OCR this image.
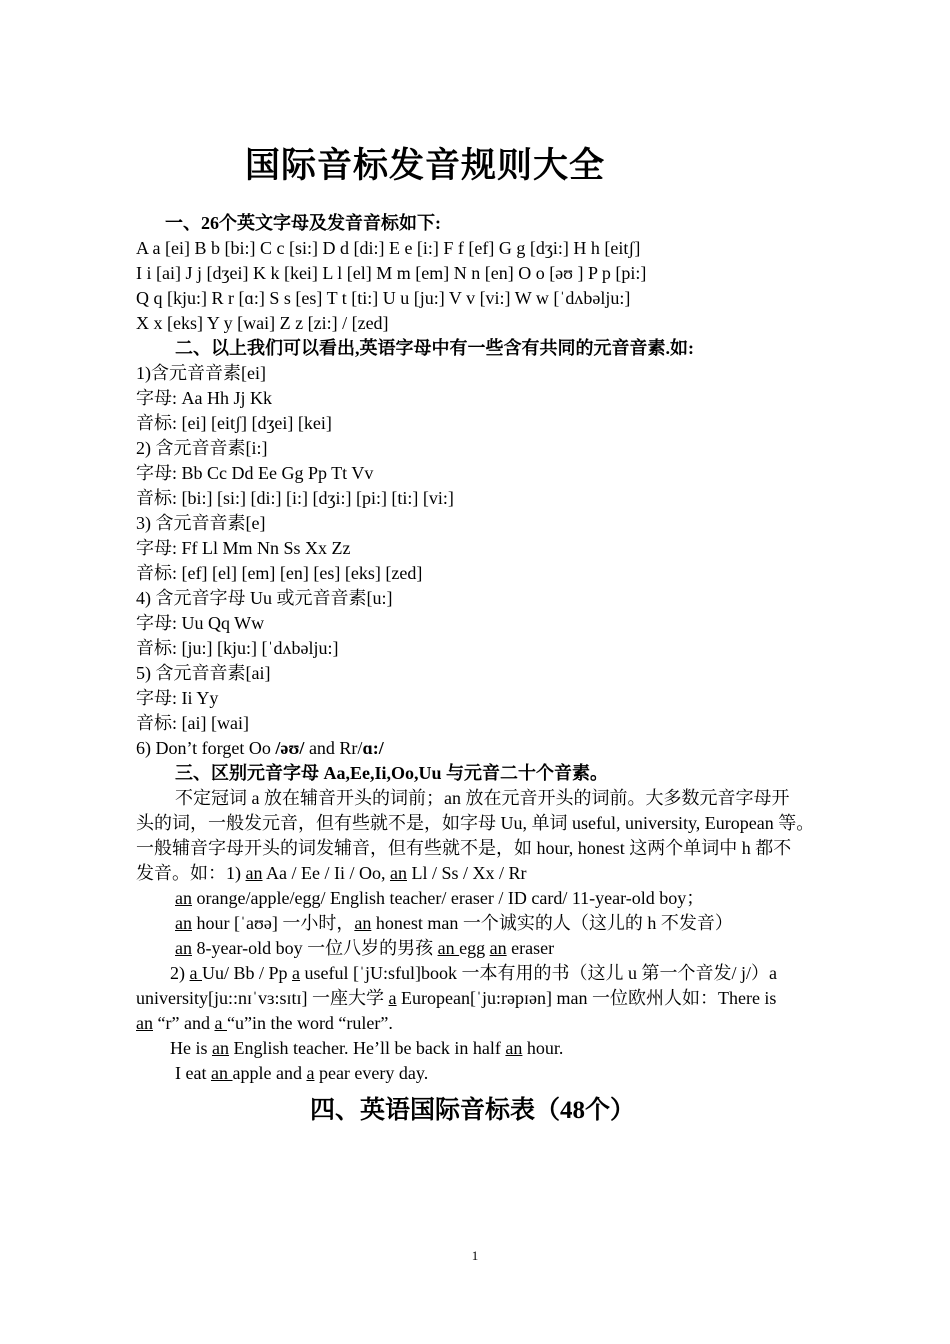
国际音标发音规则大全
一、26个英文字母及发音音标如下:
A a [ei] B b [bi:] C c [si:] D d [di:] E e [i:] F f [ef] G g [dʒi:] H h [eitʃ]
I i [ai] J j [dʒei] K k [kei] L l [el] M m [em] N n [en] O o [əʊ ] P p [pi:]
Q q [kju:] R r [ɑ:] S s [es] T t [ti:] U u [ju:] V v [vi:] W w [ˈdʌbəlju:]
X x [eks] Y y [wai] Z z [zi:] / [zed]
二、以上我们可以看出,英语字母中有一些含有共同的元音音素.如:
1)含元音音素[ei]
字母: Aa Hh Jj Kk
音标: [ei] [eitʃ] [dʒei] [kei]
2) 含元音音素[i:]
字母: Bb Cc Dd Ee Gg Pp Tt Vv
音标: [bi:] [si:] [di:] [i:] [dʒi:] [pi:] [ti:] [vi:]
3) 含元音音素[e]
字母: Ff Ll Mm Nn Ss Xx Zz
音标: [ef] [el] [em] [en] [es] [eks] [zed]
4) 含元音字母 Uu 或元音音素[u:]
字母: Uu Qq Ww
音标: [ju:] [kju:] [ˈdʌbəlju:]
5) 含元音音素[ai]
字母: Ii Yy
音标: [ai] [wai]
6) Don’t forget Oo /əʊ/ and Rr/ɑ:/
三、区别元音字母 Aa,Ee,Ii,Oo,Uu 与元音二十个音素。
不定冠词 a 放在辅音开头的词前；an 放在元音开头的词前。大多数元音字母开
头的词，一般发元音，但有些就不是，如字母 Uu, 单词 useful, university, European 等。
一般辅音字母开头的词发辅音，但有些就不是，如 hour, honest 这两个单词中 h 都不
发音。如：1) an Aa / Ee / Ii / Oo, an Ll / Ss / Xx / Rr
an orange/apple/egg/ English teacher/ eraser / ID card/ 11-year-old boy；
an hour [ˈaʊə] 一小时，an honest man 一个诚实的人（这儿的 h 不发音）
an 8-year-old boy 一位八岁的男孩 an egg an eraser
2) a Uu/ Bb / Pp a useful [ˈjU:sful]book 一本有用的书（这儿 u 第一个音发/ j/）a
university[ju::nɪˈvɜ:sɪtɪ] 一座大学 a European[ˈju:rəpɪən] man 一位欧州人如：There is
an “r” and a “u”in the word “ruler”.
He is an English teacher. He’ll be back in half an hour.
I eat an apple and a pear every day.
四、英语国际音标表（48个）
1
